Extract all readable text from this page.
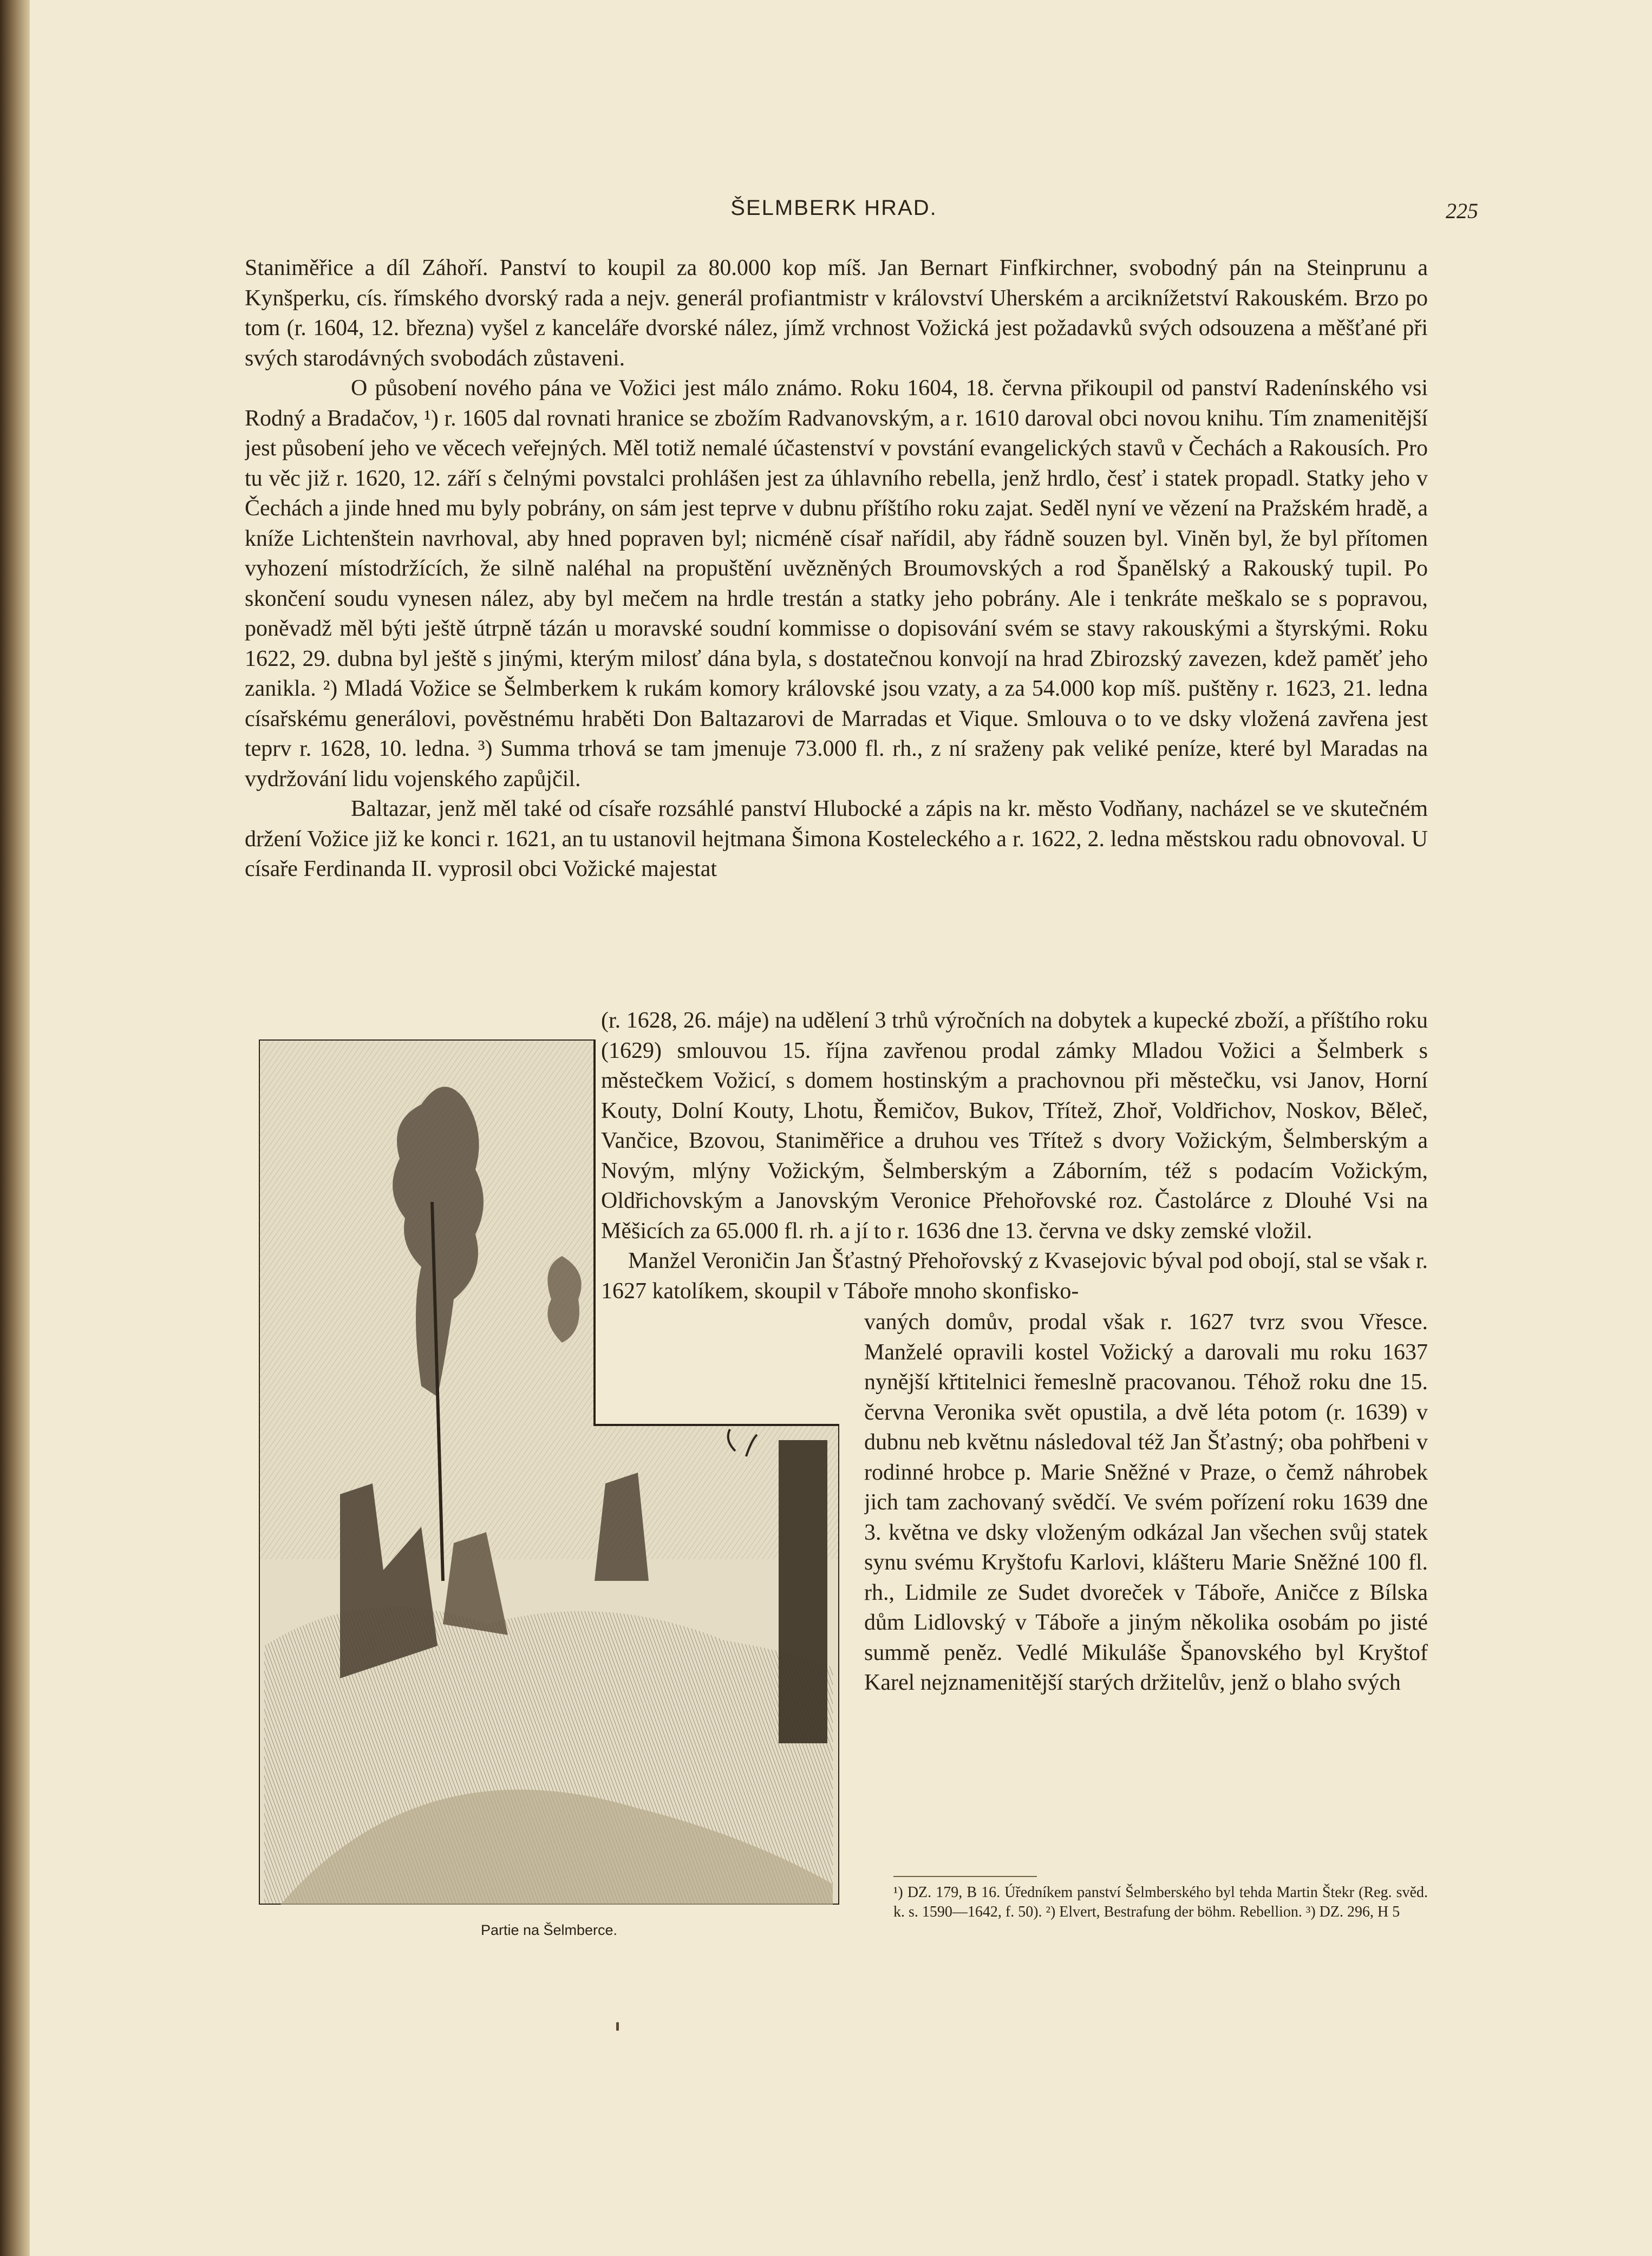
ŠELMBERK HRAD.	225

Staniměřice a díl Záhoří. Panství to koupil za 80.000 kop míš. Jan Bernart Finfkirchner, svobodný pán na Steinprunu a Kynšperku, cís. římského dvorský rada a nejv. generál profiantmistr v království Uherském a arciknížetství Rakouském. Brzo po tom (r. 1604, 12. března) vyšel z kanceláře dvorské nález, jímž vrchnost Vožická jest požadavků svých odsouzena a měšťané při svých starodávných svobodách zůstaveni.

O působení nového pána ve Vožici jest málo známo. Roku 1604, 18. června přikoupil od panství Radenínského vsi Rodný a Bradačov, ¹) r. 1605 dal rovnati hranice se zbožím Radvanovským, a r. 1610 daroval obci novou knihu. Tím znamenitější jest působení jeho ve věcech veřejných. Měl totiž nemalé účastenství v povstání evangelických stavů v Čechách a Rakousích. Pro tu věc již r. 1620, 12. září s čelnými povstalci prohlášen jest za úhlavního rebella, jenž hrdlo, česť i statek propadl. Statky jeho v Čechách a jinde hned mu byly pobrány, on sám jest teprve v dubnu příštího roku zajat. Seděl nyní ve vězení na Pražském hradě, a kníže Lichtenštein navrhoval, aby hned popraven byl; nicméně císař nařídil, aby řádně souzen byl. Viněn byl, že byl přítomen vyhození místodržících, že silně naléhal na propuštění uvězněných Broumovských a rod Španělský a Rakouský tupil. Po skončení soudu vynesen nález, aby byl mečem na hrdle trestán a statky jeho pobrány. Ale i tenkráte meškalo se s popravou, poněvadž měl býti ještě útrpně tázán u moravské soudní kommisse o dopisování svém se stavy rakouskými a štyrskými. Roku 1622, 29. dubna byl ještě s jinými, kterým milosť dána byla, s dostatečnou konvojí na hrad Zbirozský zavezen, kdež paměť jeho zanikla. ²) Mladá Vožice se Šelmberkem k rukám komory královské jsou vzaty, a za 54.000 kop míš. puštěny r. 1623, 21. ledna císařskému generálovi, pověstnému hraběti Don Baltazarovi de Marradas et Vique. Smlouva o to ve dsky vložená zavřena jest teprv r. 1628, 10. ledna. ³) Summa trhová se tam jmenuje 73.000 fl. rh., z ní sraženy pak veliké peníze, které byl Maradas na vydržování lidu vojenského zapůjčil.

Baltazar, jenž měl také od císaře rozsáhlé panství Hlubocké a zápis na kr. město Vodňany, nacházel se ve skutečném držení Vožice již ke konci r. 1621, an tu ustanovil hejtmana Šimona Kosteleckého a r. 1622, 2. ledna městskou radu obnovoval. U císaře Ferdinanda II. vyprosil obci Vožické majestat

(r. 1628, 26. máje) na udělení 3 trhů výročních na dobytek a kupecké zboží, a příštího roku (1629) smlouvou 15. října zavřenou prodal zámky Mladou Vožici a Šelmberk s městečkem Vožicí, s domem hostinským a prachovnou při městečku, vsi Janov, Horní Kouty, Dolní Kouty, Lhotu, Řemičov, Bukov, Třítež, Zhoř, Voldřichov, Noskov, Běleč, Vančice, Bzovou, Staniměřice a druhou ves Třítež s dvory Vožickým, Šelmberským a Novým, mlýny Vožickým, Šelmberským a Záborním, též s podacím Vožickým, Oldřichovským a Janovským Veronice Přehořovské roz. Častolárce z Dlouhé Vsi na Měšicích za 65.000 fl. rh. a jí to r. 1636 dne 13. června ve dsky zemské vložil.

Manžel Veroničin Jan Šťastný Přehořovský z Kvasejovic býval pod obojí, stal se však r. 1627 katolíkem, skoupil v Táboře mnoho skonfisko-

vaných domův, prodal však r. 1627 tvrz svou Vřesce. Manželé opravili kostel Vožický a darovali mu roku 1637 nynější křtitelnici řemeslně pracovanou. Téhož roku dne 15. června Veronika svět opustila, a dvě léta potom (r. 1639) v dubnu neb květnu následoval též Jan Šťastný; oba pohřbeni v rodinné hrobce p. Marie Sněžné v Praze, o čemž náhrobek jich tam zachovaný svědčí. Ve svém pořízení roku 1639 dne 3. května ve dsky vloženým odkázal Jan všechen svůj statek synu svému Kryštofu Karlovi, klášteru Marie Sněžné 100 fl. rh., Lidmile ze Sudet dvoreček v Táboře, Aničce z Bílska dům Lidlovský v Táboře a jiným několika osobám po jisté summě peněz. Vedlé Mikuláše Španovského byl Kryštof Karel nejznamenitější starých držitelův, jenž o blaho svých

Partie na Šelmberce.

¹) DZ. 179, B 16. Úředníkem panství Šelmberského byl tehda Martin Štekr (Reg. svěd. k. s. 1590—1642, f. 50). ²) Elvert, Bestrafung der böhm. Rebellion. ³) DZ. 296, H 5
